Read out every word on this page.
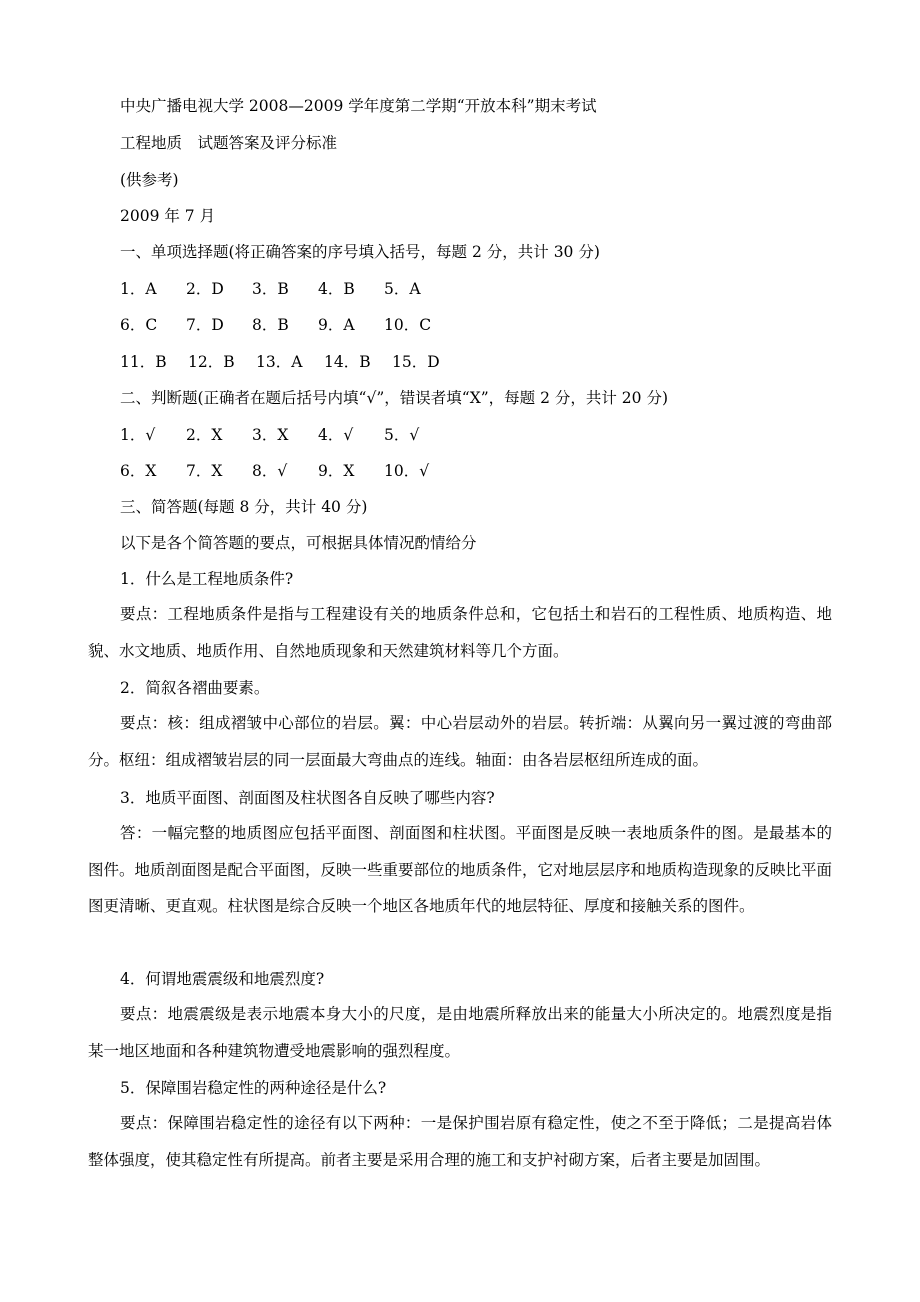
中央广播电视大学 2008—2009 学年度第二学期“开放本科”期末考试
工程地质　试题答案及评分标准
(供参考)
2009 年 7 月
一、单项选择题(将正确答案的序号填入括号，每题 2 分，共计 30 分)
1．A 2．D 3．B 4．B 5．A
6．C 7．D 8．B 9．A 10．C
11．B 12．B 13．A 14．B 15．D
二、判断题(正确者在题后括号内填“√”，错误者填“X”，每题 2 分，共计 20 分)
1．√ 2．X 3．X 4．√ 5．√
6．X 7．X 8．√ 9．X 10．√
三、简答题(每题 8 分，共计 40 分)
以下是各个简答题的要点，可根据具体情况酌情给分
1．什么是工程地质条件?
要点：工程地质条件是指与工程建设有关的地质条件总和，它包括土和岩石的工程性质、地质构造、地貌、水文地质、地质作用、自然地质现象和天然建筑材料等几个方面。
2．简叙各褶曲要素。
要点：核：组成褶皱中心部位的岩层。翼：中心岩层动外的岩层。转折端：从翼向另一翼过渡的弯曲部分。枢纽：组成褶皱岩层的同一层面最大弯曲点的连线。轴面：由各岩层枢纽所连成的面。
3．地质平面图、剖面图及柱状图各自反映了哪些内容?
答：一幅完整的地质图应包括平面图、剖面图和柱状图。平面图是反映一表地质条件的图。是最基本的图件。地质剖面图是配合平面图，反映一些重要部位的地质条件，它对地层层序和地质构造现象的反映比平面图更清晰、更直观。柱状图是综合反映一个地区各地质年代的地层特征、厚度和接触关系的图件。
4．何谓地震震级和地震烈度?
要点：地震震级是表示地震本身大小的尺度，是由地震所释放出来的能量大小所决定的。地震烈度是指某一地区地面和各种建筑物遭受地震影响的强烈程度。
5．保障围岩稳定性的两种途径是什么?
要点：保障围岩稳定性的途径有以下两种：一是保护围岩原有稳定性，使之不至于降低；二是提高岩体整体强度，使其稳定性有所提高。前者主要是采用合理的施工和支护衬砌方案，后者主要是加固围。
